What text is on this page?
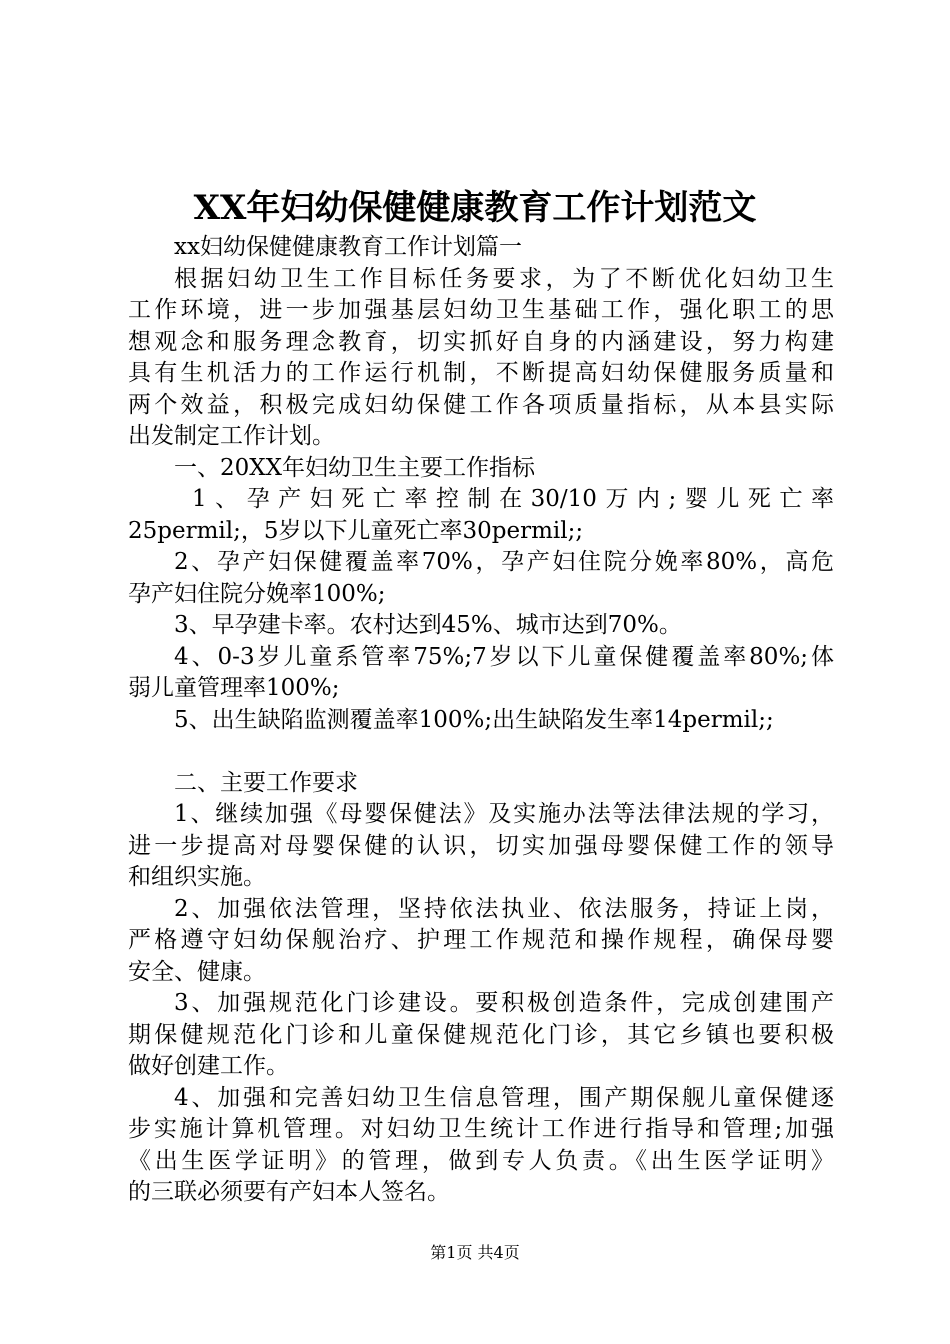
XX年妇幼保健健康教育工作计划范文
xx妇幼保健健康教育工作计划篇一
根据妇幼卫生工作目标任务要求，为了不断优化妇幼卫生
工作环境，进一步加强基层妇幼卫生基础工作，强化职工的思
想观念和服务理念教育，切实抓好自身的内涵建设，努力构建
具有生机活力的工作运行机制，不断提高妇幼保健服务质量和
两个效益，积极完成妇幼保健工作各项质量指标，从本县实际
出发制定工作计划。
一、20XX年妇幼卫生主要工作指标
1、孕产妇死亡率控制在30/10万内;婴儿死亡率
25permil;，5岁以下儿童死亡率30permil;;
2、孕产妇保健覆盖率70%，孕产妇住院分娩率80%，高危
孕产妇住院分娩率100%;
3、早孕建卡率。农村达到45%、城市达到70%。
4、0-3岁儿童系管率75%;7岁以下儿童保健覆盖率80%;体
弱儿童管理率100%;
5、出生缺陷监测覆盖率100%;出生缺陷发生率14permil;;
二、主要工作要求
1、继续加强《母婴保健法》及实施办法等法律法规的学习，
进一步提高对母婴保健的认识，切实加强母婴保健工作的领导
和组织实施。
2、加强依法管理，坚持依法执业、依法服务，持证上岗，
严格遵守妇幼保舰治疗、护理工作规范和操作规程，确保母婴
安全、健康。
3、加强规范化门诊建设。要积极创造条件，完成创建围产
期保健规范化门诊和儿童保健规范化门诊，其它乡镇也要积极
做好创建工作。
4、加强和完善妇幼卫生信息管理，围产期保舰儿童保健逐
步实施计算机管理。对妇幼卫生统计工作进行指导和管理;加强
《出生医学证明》的管理，做到专人负责。《出生医学证明》
的三联必须要有产妇本人签名。
第1页 共4页
